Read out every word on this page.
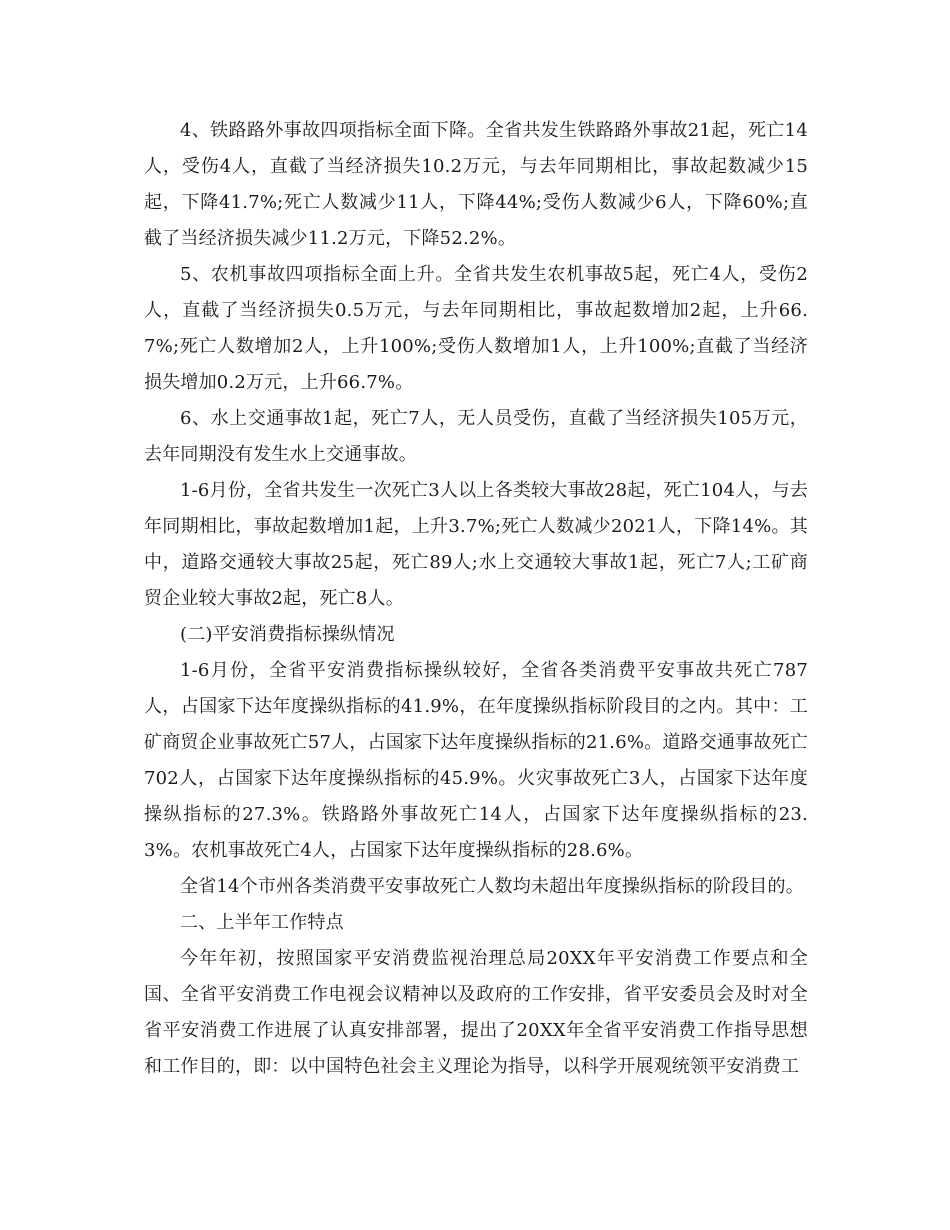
4、铁路路外事故四项指标全面下降。全省共发生铁路路外事故21起，死亡14人，受伤4人，直截了当经济损失10.2万元，与去年同期相比，事故起数减少15起，下降41.7%;死亡人数减少11人，下降44%;受伤人数减少6人，下降60%;直截了当经济损失减少11.2万元，下降52.2%。

5、农机事故四项指标全面上升。全省共发生农机事故5起，死亡4人，受伤2人，直截了当经济损失0.5万元，与去年同期相比，事故起数增加2起，上升66.7%;死亡人数增加2人，上升100%;受伤人数增加1人，上升100%;直截了当经济损失增加0.2万元，上升66.7%。

6、水上交通事故1起，死亡7人，无人员受伤，直截了当经济损失105万元，去年同期没有发生水上交通事故。

1-6月份，全省共发生一次死亡3人以上各类较大事故28起，死亡104人，与去年同期相比，事故起数增加1起，上升3.7%;死亡人数减少2021人，下降14%。其中，道路交通较大事故25起，死亡89人;水上交通较大事故1起，死亡7人;工矿商贸企业较大事故2起，死亡8人。

(二)平安消费指标操纵情况

1-6月份，全省平安消费指标操纵较好，全省各类消费平安事故共死亡787人，占国家下达年度操纵指标的41.9%，在年度操纵指标阶段目的之内。其中：工矿商贸企业事故死亡57人，占国家下达年度操纵指标的21.6%。道路交通事故死亡702人，占国家下达年度操纵指标的45.9%。火灾事故死亡3人，占国家下达年度操纵指标的27.3%。铁路路外事故死亡14人，占国家下达年度操纵指标的23.3%。农机事故死亡4人，占国家下达年度操纵指标的28.6%。

全省14个市州各类消费平安事故死亡人数均未超出年度操纵指标的阶段目的。

二、上半年工作特点

今年年初，按照国家平安消费监视治理总局20XX年平安消费工作要点和全国、全省平安消费工作电视会议精神以及政府的工作安排，省平安委员会及时对全省平安消费工作进展了认真安排部署，提出了20XX年全省平安消费工作指导思想和工作目的，即：以中国特色社会主义理论为指导，以科学开展观统领平安消费工
